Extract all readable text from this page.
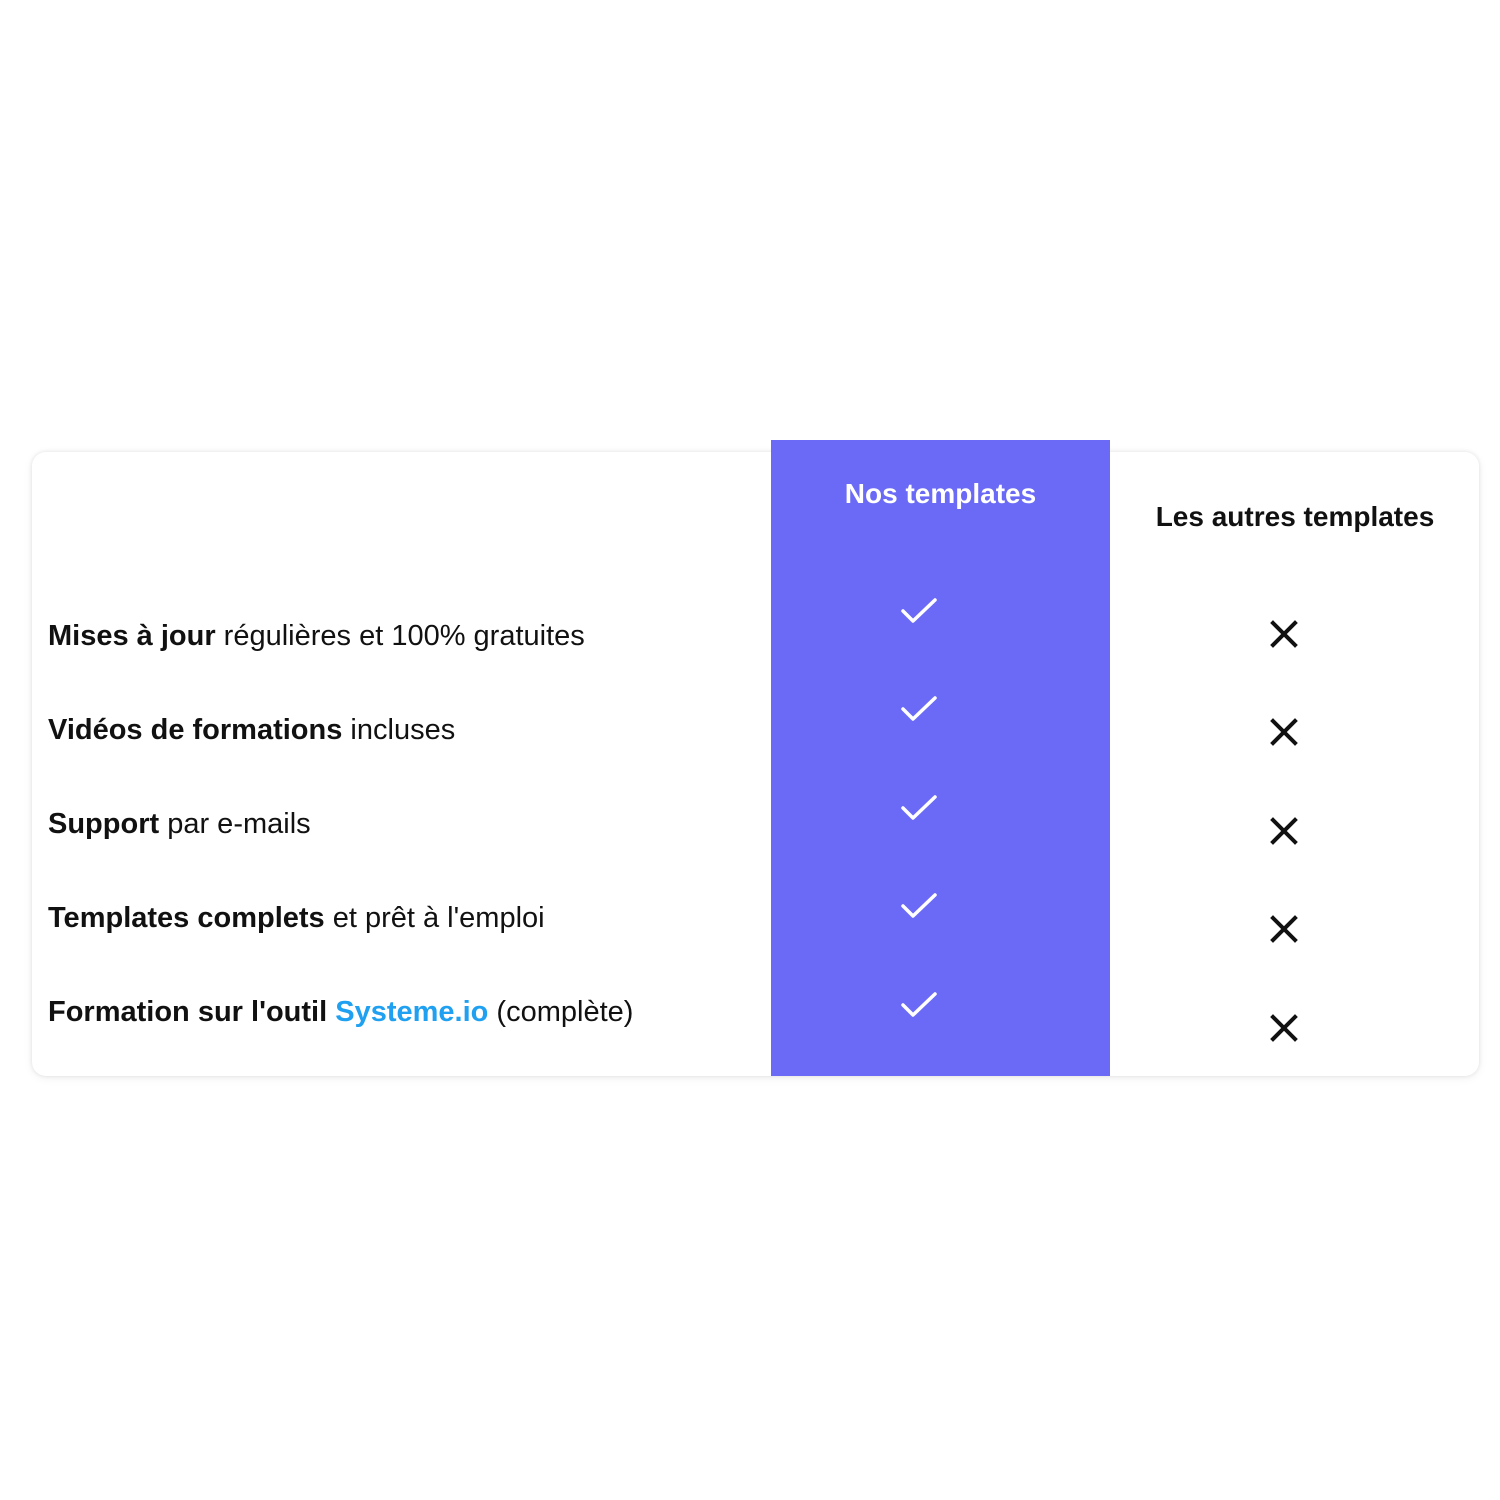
Nos templates
Les autres templates
Mises à jour régulières et 100% gratuites
Vidéos de formations incluses
Support par e-mails
Templates complets et prêt à l'emploi
Formation sur l'outil Systeme.io (complète)
